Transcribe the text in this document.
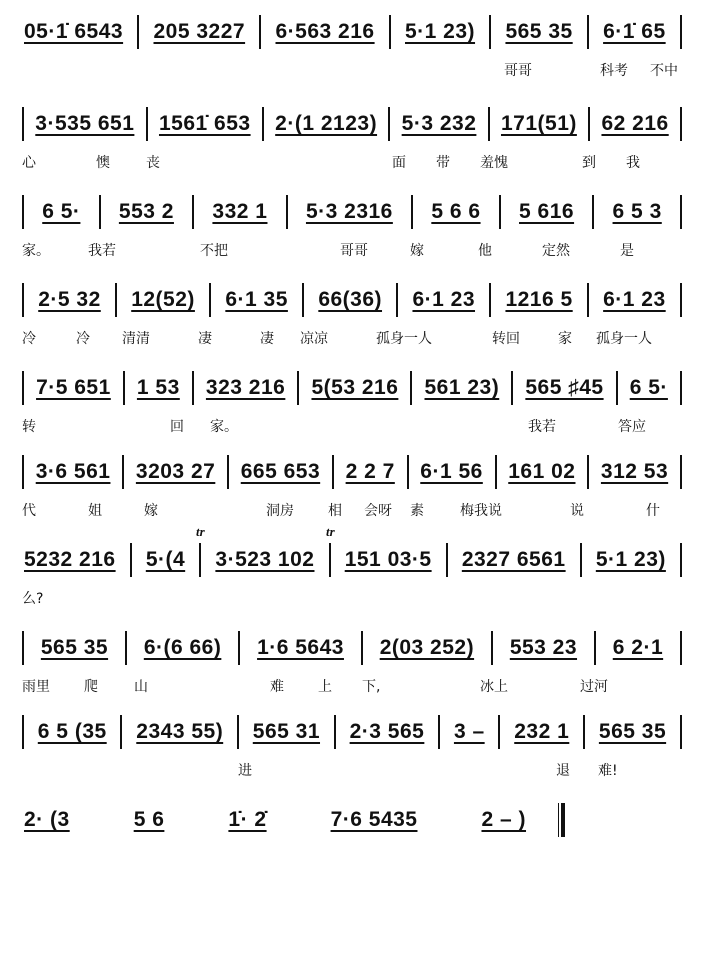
05·1̇ 6543 205 3227 6·563 216 5·1 23) 565 35 6·1̇ 65
哥哥	科考 不中
3·535 651 1561̇ 653 2·(1 2123) 5·3 232 171(51) 62 216
心	懊	丧	面 带 羞愧	到 我
6 5· 553 2 332 1 5·3 2316 5 6 6 5 616 6 5 3
家。	我若	不把	哥哥	嫁	他	定然	是
2·5 32 12(52) 6·1 35 66(36) 6·1 23 1216 5 6·1 23
冷	冷 清清	凄	凄 凉凉	孤身一人	转回	家 孤身一人
7·5 651 1 53 323 216 5(53 216 561 23) 565 ♯45 6 5·
转	回 家。	我若	答应
3·6 561 3203 27 665 653 2 2 7 6·1 56 161 02 312 53
代	姐	嫁	洞房 相 会呀 素	梅我说	说	什
5232 216 5·(4 3·523 102 151 03·5 2327 6561 5·1 23)
tr	tr
么?
565 35 6·(6 66) 1·6 5643 2(03 252) 553 23 6 2·1
雨里 爬	山	难 上 下,	冰上	过河
6 5 (35 2343 55) 565 31 2·3 565 3 – 232 1 565 35
进	退 难!
2· (3	5 6	1̇· 2̇	7·6 5435	2 – )
